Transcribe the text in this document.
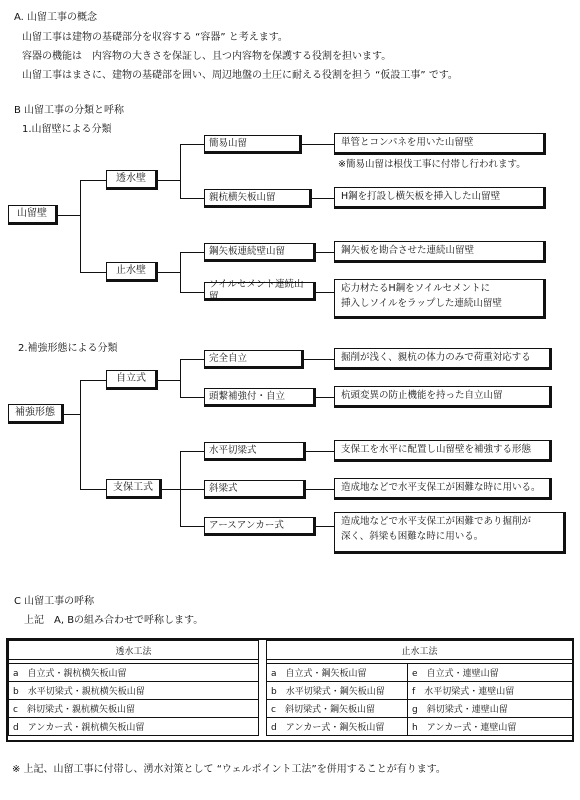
A. 山留工事の概念
山留工事は建物の基礎部分を収容する “容器” と考えます。
容器の機能は　内容物の大きさを保証し、且つ内容物を保護する役割を担います。
山留工事はまさに、建物の基礎部を囲い、周辺地盤の土圧に耐える役割を担う “仮設工事” です。
B 山留工事の分類と呼称
1.山留壁による分類
山留壁
透水壁
止水壁
簡易山留
親杭横矢板山留
鋼矢板連続壁山留
ソイルセメント連続山留
単管とコンパネを用いた山留壁
※簡易山留は根伐工事に付帯し行われます。
H鋼を打設し横矢板を挿入した山留壁
鋼矢板を勘合させた連続山留壁
応力材たるH鋼をソイルセメントに
挿入しソイルをラップした連続山留壁
2.補強形態による分類
補強形態
自立式
支保工式
完全自立
頭繋補強付・自立
水平切梁式
斜梁式
アースアンカー式
掘削が浅く、親杭の体力のみで荷重対応する
杭頭変異の防止機能を持った自立山留
支保工を水平に配置し山留壁を補強する形態
造成地などで水平支保工が困難な時に用いる。
造成地などで水平支保工が困難であり掘削が
深く、斜梁も困難な時に用いる。
C 山留工事の呼称
上記　A, Bの組み合わせで呼称します。
透水工法		止水工法	

a　 自立式・親杭横矢板山留		a　 自立式・鋼矢板山留	e　 自立式・連壁山留
b　 水平切梁式・親杭横矢板山留		b　 水平切梁式・鋼矢板山留	f　 水平切梁式・連壁山留
c　 斜切梁式・親杭横矢板山留		c　 斜切梁式・鋼矢板山留	g　 斜切梁式・連壁山留
d　 アンカー式・親杭横矢板山留		d　 アンカー式・鋼矢板山留	h　 アンカー式・連壁山留
※ 上記、山留工事に付帯し、湧水対策として “ウェルポイント工法”を併用することが有ります。
